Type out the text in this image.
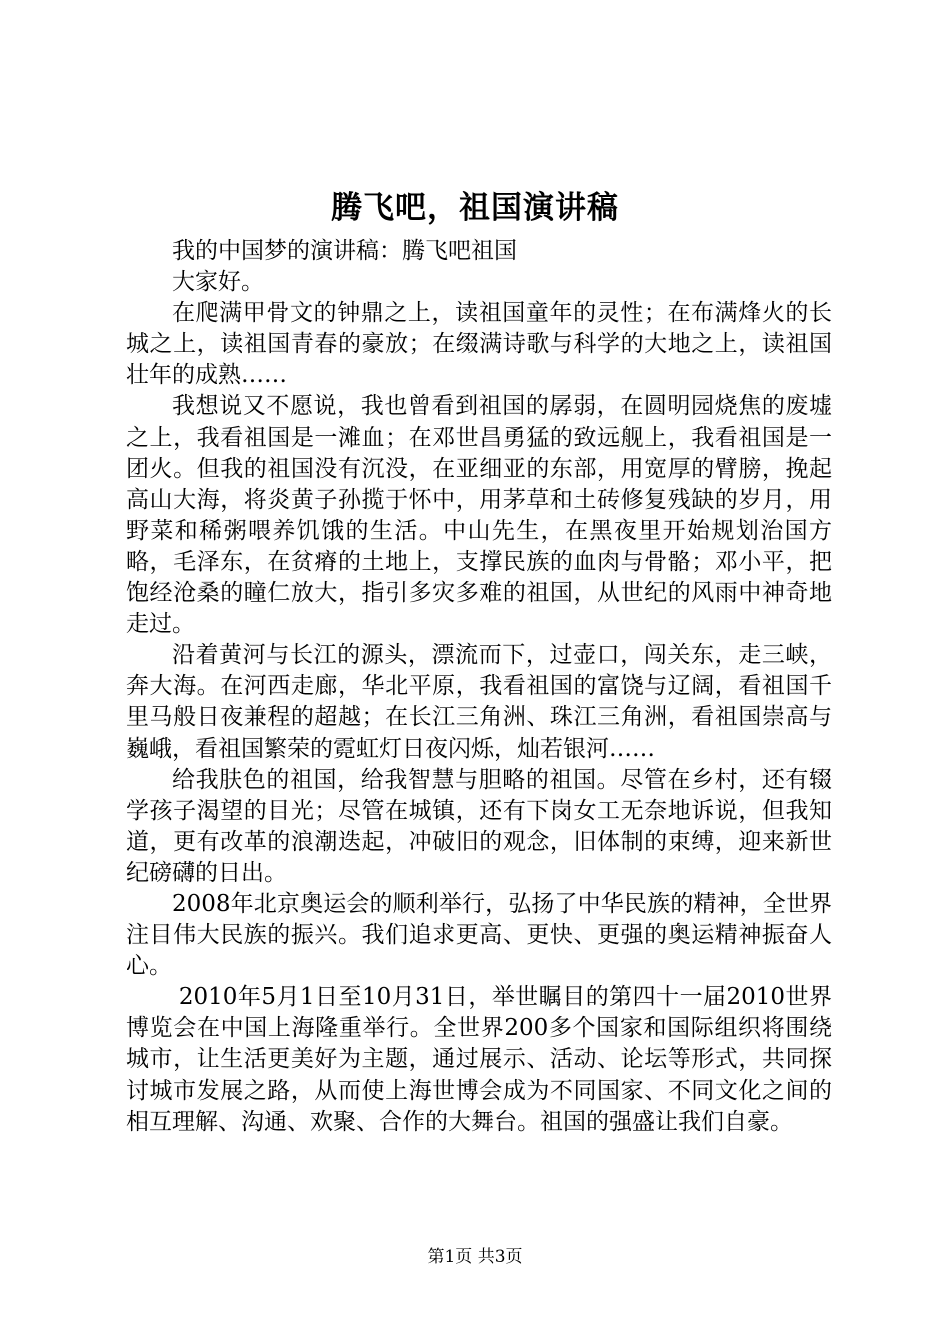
腾飞吧，祖国演讲稿

我的中国梦的演讲稿：腾飞吧祖国

大家好。

在爬满甲骨文的钟鼎之上，读祖国童年的灵性；在布满烽火的长城之上，读祖国青春的豪放；在缀满诗歌与科学的大地之上，读祖国壮年的成熟……

我想说又不愿说，我也曾看到祖国的孱弱，在圆明园烧焦的废墟之上，我看祖国是一滩血；在邓世昌勇猛的致远舰上，我看祖国是一团火。但我的祖国没有沉没，在亚细亚的东部，用宽厚的臂膀，挽起高山大海，将炎黄子孙揽于怀中，用茅草和土砖修复残缺的岁月，用野菜和稀粥喂养饥饿的生活。中山先生，在黑夜里开始规划治国方略，毛泽东，在贫瘠的土地上，支撑民族的血肉与骨骼；邓小平，把饱经沧桑的瞳仁放大，指引多灾多难的祖国，从世纪的风雨中神奇地走过。

沿着黄河与长江的源头，漂流而下，过壶口，闯关东，走三峡，奔大海。在河西走廊，华北平原，我看祖国的富饶与辽阔，看祖国千里马般日夜兼程的超越；在长江三角洲、珠江三角洲，看祖国崇高与巍峨，看祖国繁荣的霓虹灯日夜闪烁，灿若银河……

给我肤色的祖国，给我智慧与胆略的祖国。尽管在乡村，还有辍学孩子渴望的目光；尽管在城镇，还有下岗女工无奈地诉说，但我知道，更有改革的浪潮迭起，冲破旧的观念，旧体制的束缚，迎来新世纪磅礴的日出。

2008年北京奥运会的顺利举行，弘扬了中华民族的精神，全世界注目伟大民族的振兴。我们追求更高、更快、更强的奥运精神振奋人心。

2010年5月1日至10月31日，举世瞩目的第四十一届2010世界博览会在中国上海隆重举行。全世界200多个国家和国际组织将围绕城市，让生活更美好为主题，通过展示、活动、论坛等形式，共同探讨城市发展之路，从而使上海世博会成为不同国家、不同文化之间的相互理解、沟通、欢聚、合作的大舞台。祖国的强盛让我们自豪。

第1页 共3页
